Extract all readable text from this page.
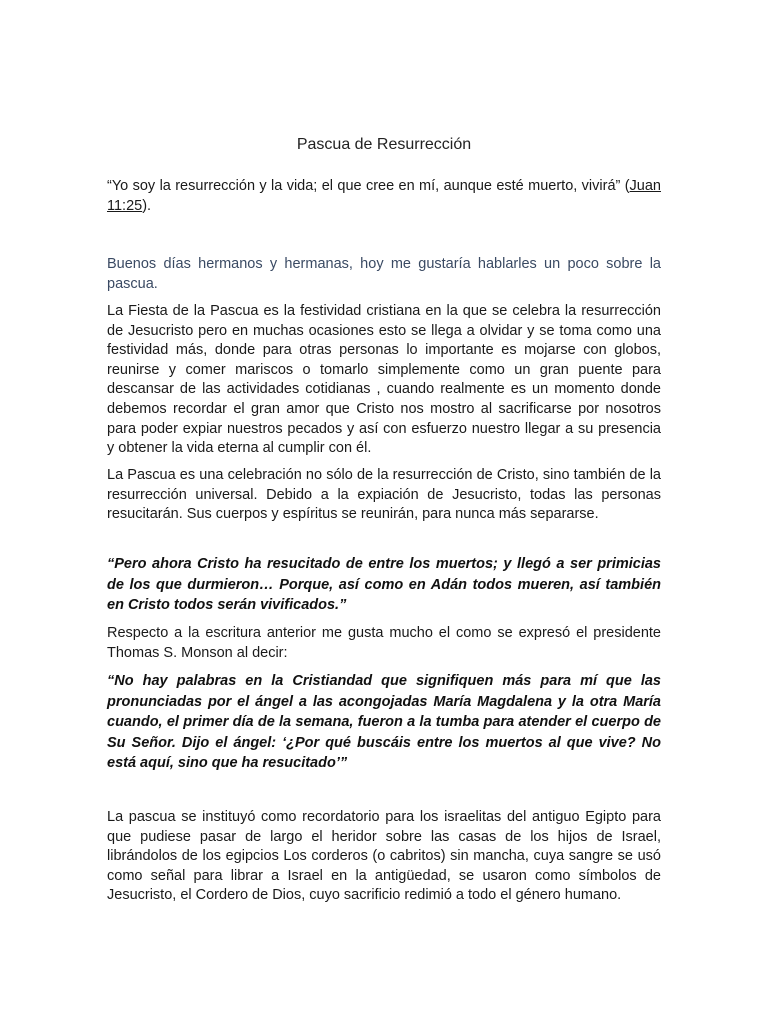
Pascua de Resurrección
“Yo soy la resurrección y la vida; el que cree en mí, aunque esté muerto, vivirá” (Juan 11:25).
Buenos días hermanos y hermanas, hoy me gustaría hablarles un poco sobre la pascua.
La Fiesta de la Pascua es la festividad cristiana en la que se celebra la resurrección de Jesucristo pero en muchas ocasiones esto se llega a olvidar y se toma como una festividad más, donde para otras personas lo importante es mojarse con globos, reunirse y comer mariscos o tomarlo simplemente como un gran puente para descansar de las actividades cotidianas , cuando realmente es un momento donde debemos recordar el gran amor que Cristo nos mostro al sacrificarse por nosotros para poder expiar nuestros pecados y así con esfuerzo nuestro llegar a su presencia y obtener la vida eterna al cumplir con él.
La Pascua es una celebración no sólo de la resurrección de Cristo, sino también de la resurrección universal. Debido a la expiación de Jesucristo, todas las personas resucitarán. Sus cuerpos y espíritus se reunirán, para nunca más separarse.
“Pero ahora Cristo ha resucitado de entre los muertos; y llegó a ser primicias de los que durmieron… Porque, así como en Adán todos mueren, así también en Cristo todos serán vivificados.”
Respecto a la escritura anterior me gusta mucho el como se expresó el presidente Thomas S. Monson al decir:
“No hay palabras en la Cristiandad que signifiquen más para mí que las pronunciadas por el ángel a las acongojadas María Magdalena y la otra María cuando, el primer día de la semana, fueron a la tumba para atender el cuerpo de Su Señor. Dijo el ángel: ‘¿Por qué buscáis entre los muertos al que vive? No está aquí, sino que ha resucitado’”
La pascua se instituyó como recordatorio para los israelitas del antiguo Egipto para que pudiese pasar de largo el heridor sobre las casas de los hijos de Israel, librándolos de los egipcios Los corderos (o cabritos) sin mancha, cuya sangre se usó como señal para librar a Israel en la antigüedad, se usaron como símbolos de Jesucristo, el Cordero de Dios, cuyo sacrificio redimió a todo el género humano.
